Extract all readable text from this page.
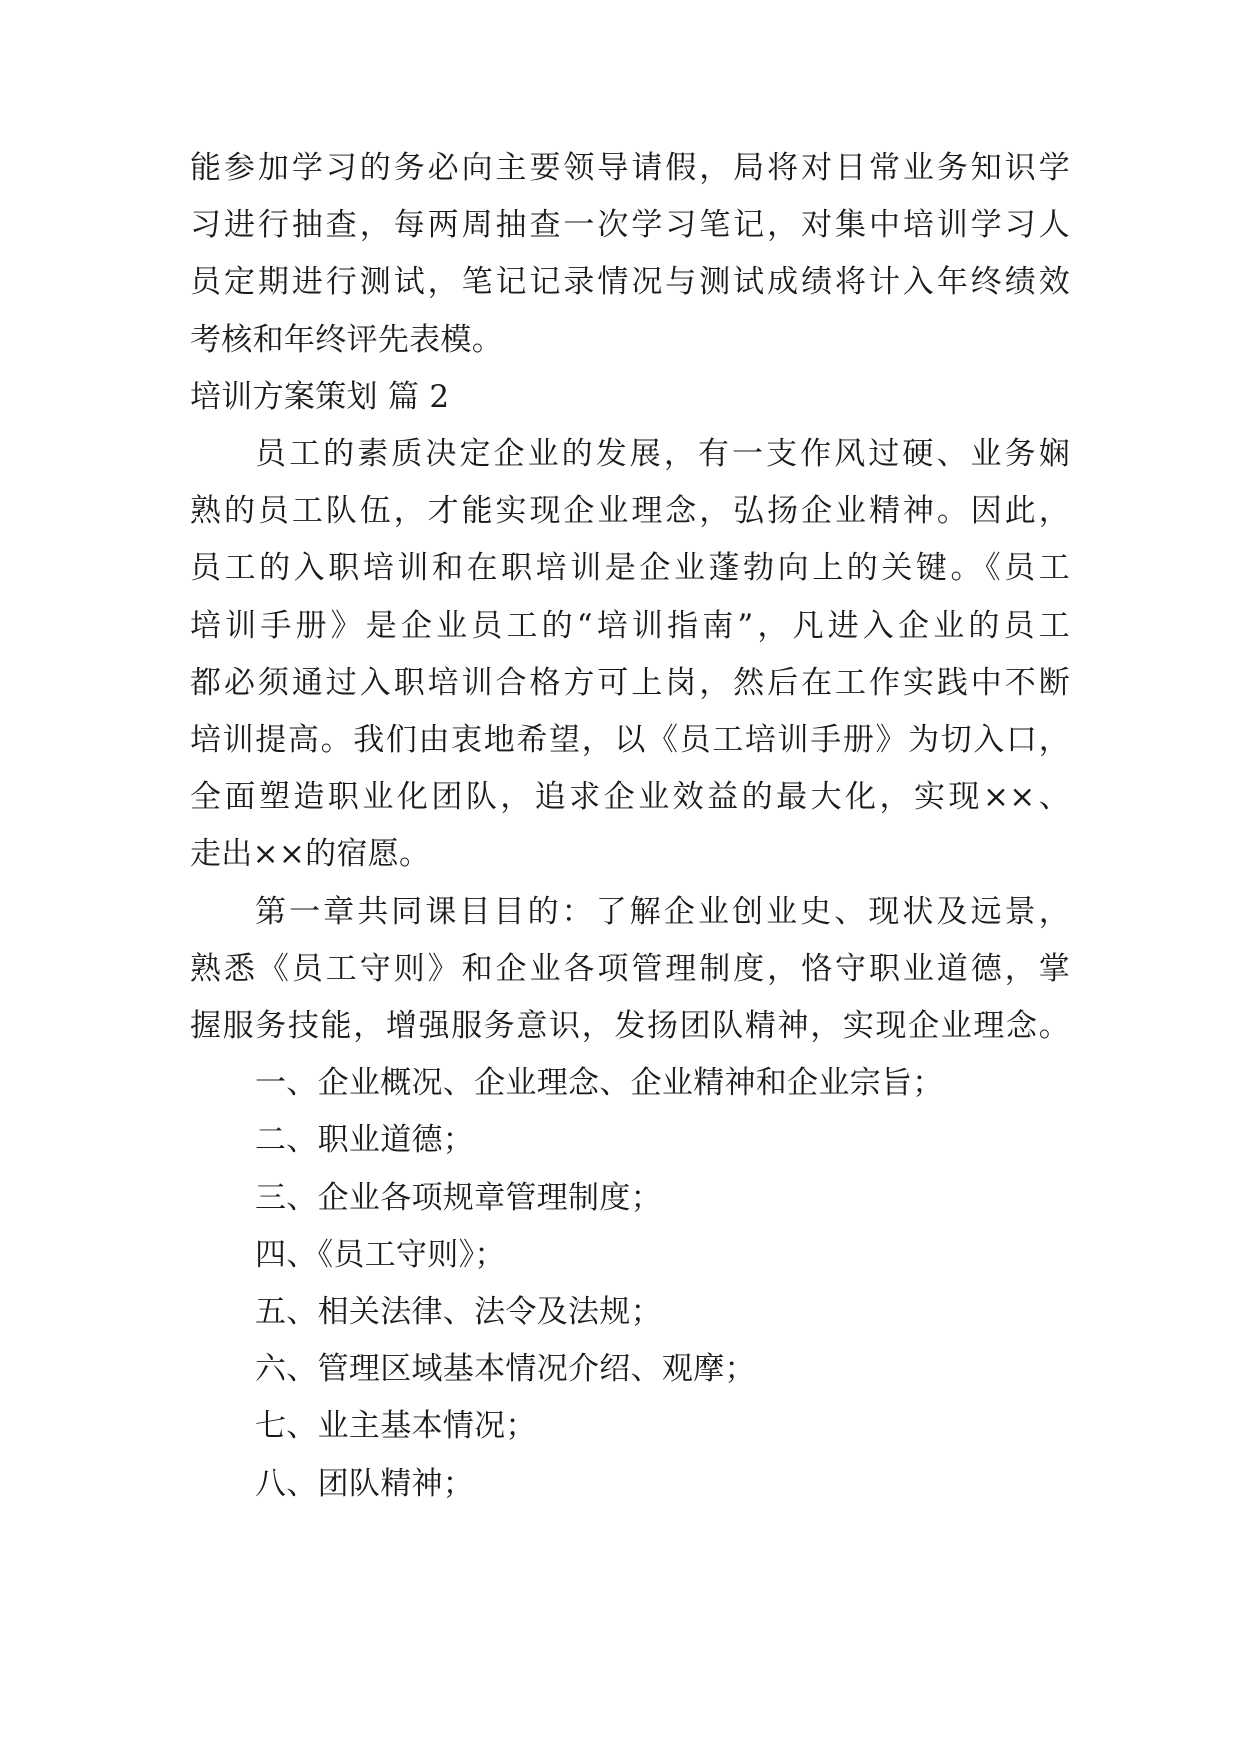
能参加学习的务必向主要领导请假，局将对日常业务知识学
习进行抽查，每两周抽查一次学习笔记，对集中培训学习人
员定期进行测试，笔记记录情况与测试成绩将计入年终绩效
考核和年终评先表模。
培训方案策划 篇 2
员工的素质决定企业的发展，有一支作风过硬、业务娴
熟的员工队伍，才能实现企业理念，弘扬企业精神。因此，
员工的入职培训和在职培训是企业蓬勃向上的关键。《员工
培训手册》是企业员工的“培训指南”，凡进入企业的员工
都必须通过入职培训合格方可上岗，然后在工作实践中不断
培训提高。我们由衷地希望，以《员工培训手册》为切入口，
全面塑造职业化团队，追求企业效益的最大化，实现××、
走出××的宿愿。
第一章共同课目目的：了解企业创业史、现状及远景，
熟悉《员工守则》和企业各项管理制度，恪守职业道德，掌
握服务技能，增强服务意识，发扬团队精神，实现企业理念。
一、企业概况、企业理念、企业精神和企业宗旨；
二、职业道德；
三、企业各项规章管理制度；
四、《员工守则》；
五、相关法律、法令及法规；
六、管理区域基本情况介绍、观摩；
七、业主基本情况；
八、团队精神；
